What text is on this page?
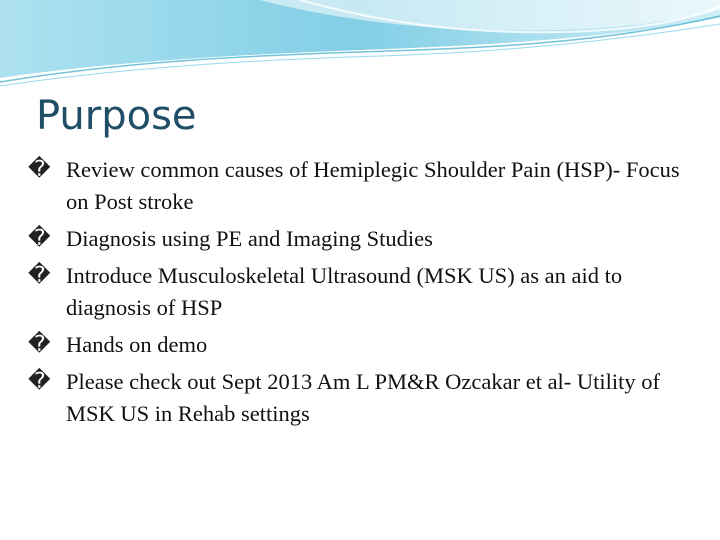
Purpose
� Review common causes of Hemiplegic Shoulder Pain (HSP)- Focus on Post stroke
� Diagnosis using PE and Imaging Studies
� Introduce Musculoskeletal Ultrasound (MSK US) as an aid to diagnosis of HSP
� Hands on demo
� Please check out Sept 2013 Am L PM&R Ozcakar et al- Utility of MSK US in Rehab settings
